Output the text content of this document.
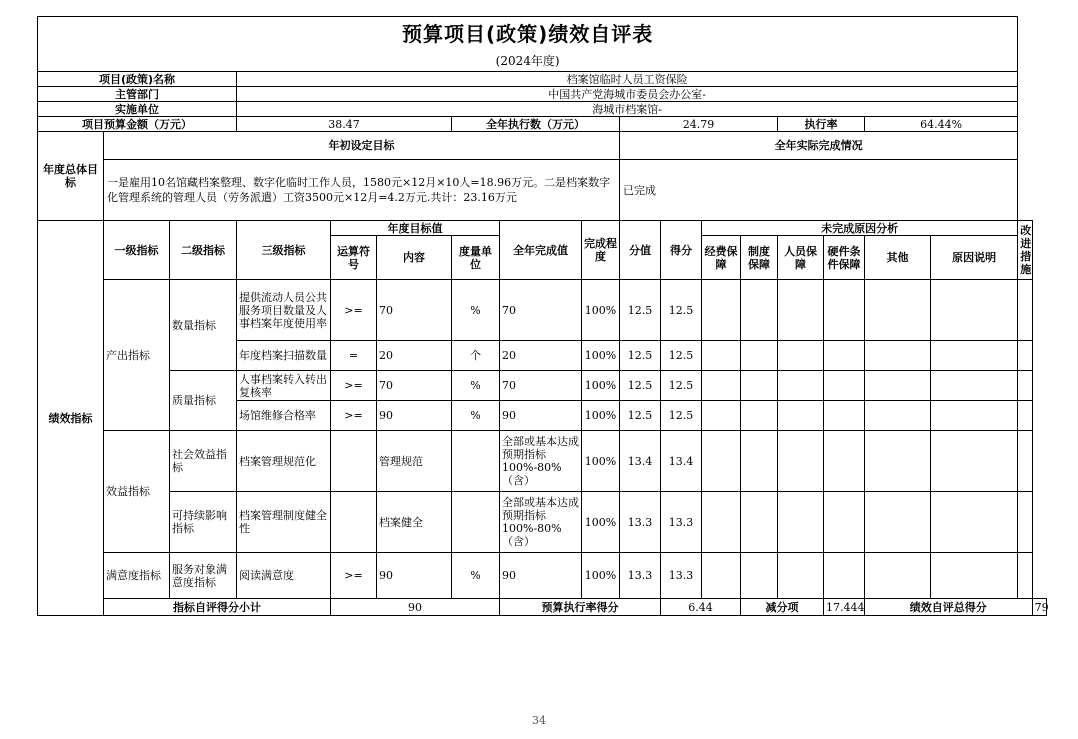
预算项目(政策)绩效自评表																		
(2024年度)																		
项目(政策)名称			档案馆临时人员工资保险															
主管部门			中国共产党海城市委员会办公室-															
实施单位			海城市档案馆-															
项目预算金额（万元）			38.47			全年执行数（万元）			24.79				执行率		64.44%			
年度总体目标	年初设定目标								全年实际完成情况									
	一是雇用10名馆藏档案整理、数字化临时工作人员，1580元×12月×10人=18.96万元。二是档案数字化管理系统的管理人员（劳务派遣）工资3500元×12月=4.2万元.共计：23.16万元								已完成									
绩效指标	一级指标	二级指标	三级指标	年度目标值			全年完成值	完成程度	分值	得分	未完成原因分析						改进措施	
				运算符号	内容	度量单位					经费保障	制度保障	人员保障	硬件条件保障	其他	原因说明		
	产出指标	数量指标	提供流动人员公共服务项目数量及人事档案年度使用率	>=	70	%	70	100%	12.5	12.5								
			年度档案扫描数量	=	20	个	20	100%	12.5	12.5								
		质量指标	人事档案转入转出复核率	>=	70	%	70	100%	12.5	12.5								
			场馆维修合格率	>=	90	%	90	100%	12.5	12.5								
	效益指标	社会效益指标	档案管理规范化		管理规范		全部或基本达成预期指标100%-80%（含）	100%	13.4	13.4								
		可持续影响指标	档案管理制度健全性		档案健全		全部或基本达成预期指标100%-80%（含）	100%	13.3	13.3								
	满意度指标	服务对象满意度指标	阅读满意度	>=	90	%	90	100%	13.3	13.3								
	指标自评得分小计			90			预算执行率得分			6.44		减分项		17.444	绩效自评总得分			79
34
